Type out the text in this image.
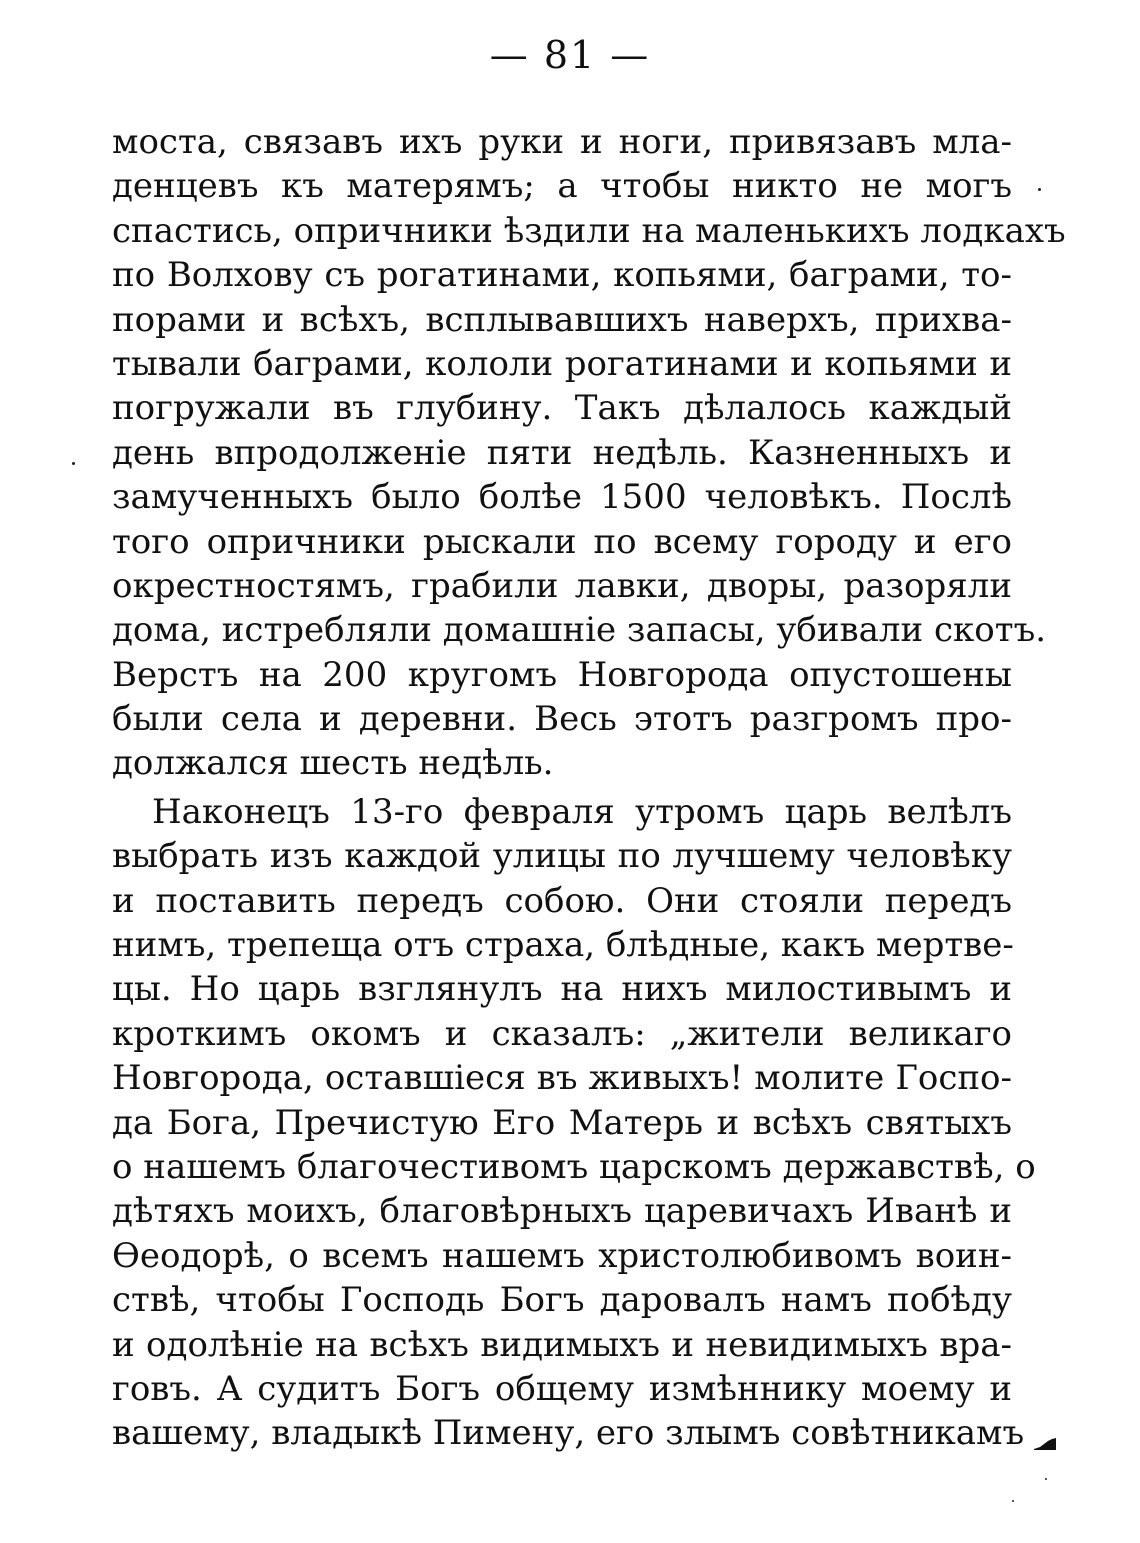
— 81 —
моста, связавъ ихъ руки и ноги, привязавъ мла-
денцевъ къ матерямъ; а чтобы никто не могъ
спастись, опричники ѣздили на маленькихъ лодкахъ
по Волхову съ рогатинами, копьями, баграми, то-
порами и всѣхъ, всплывавшихъ наверхъ, прихва-
тывали баграми, кололи рогатинами и копьями и
погружали въ глубину. Такъ дѣлалось каждый
день впродолженіе пяти недѣль. Казненныхъ и
замученныхъ было болѣе 1500 человѣкъ. Послѣ
того опричники рыскали по всему городу и его
окрестностямъ, грабили лавки, дворы, разоряли
дома, истребляли домашніе запасы, убивали скотъ.
Верстъ на 200 кругомъ Новгорода опустошены
были села и деревни. Весь этотъ разгромъ про-
должался шесть недѣль.
Наконецъ 13-го февраля утромъ царь велѣлъ
выбрать изъ каждой улицы по лучшему человѣку
и поставить передъ собою. Они стояли передъ
нимъ, трепеща отъ страха, блѣдные, какъ мертве-
цы. Но царь взглянулъ на нихъ милостивымъ и
кроткимъ окомъ и сказалъ: „жители великаго
Новгорода, оставшіеся въ живыхъ! молите Госпо-
да Бога, Пречистую Его Матерь и всѣхъ святыхъ
о нашемъ благочестивомъ царскомъ державствѣ, о
дѣтяхъ моихъ, благовѣрныхъ царевичахъ Иванѣ и
Ѳеодорѣ, о всемъ нашемъ христолюбивомъ воин-
ствѣ, чтобы Господь Богъ даровалъ намъ побѣду
и одолѣніе на всѣхъ видимыхъ и невидимыхъ вра-
говъ. А судитъ Богъ общему измѣннику моему и
вашему, владыкѣ Пимену, его злымъ совѣтникамъ
